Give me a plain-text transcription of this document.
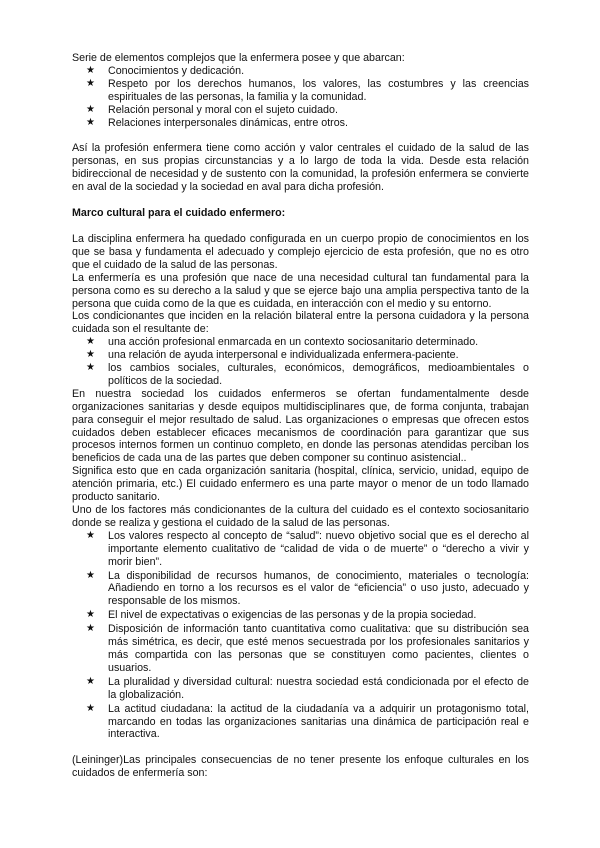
Serie de elementos complejos que la enfermera posee y que abarcan:

★ Conocimientos y dedicación.
★ Respeto por los derechos humanos, los valores, las costumbres y las creencias espirituales de las personas, la familia y la comunidad.
★ Relación personal y moral con el sujeto cuidado.
★ Relaciones interpersonales dinámicas, entre otros.

Así la profesión enfermera tiene como acción y valor centrales el cuidado de la salud de las personas, en sus propias circunstancias y a lo largo de toda la vida. Desde esta relación bidireccional de necesidad y de sustento con la comunidad, la profesión enfermera se convierte en aval de la sociedad y la sociedad en aval para dicha profesión.

Marco cultural para el cuidado enfermero:

La disciplina enfermera ha quedado configurada en un cuerpo propio de conocimientos en los que se basa y fundamenta el adecuado y complejo ejercicio de esta profesión, que no es otro que el cuidado de la salud de las personas.

La enfermería es una profesión que nace de una necesidad cultural tan fundamental para la persona como es su derecho a la salud y que se ejerce bajo una amplia perspectiva tanto de la persona que cuida como de la que es cuidada, en interacción con el medio y su entorno.

Los condicionantes que inciden en la relación bilateral entre la persona cuidadora y la persona cuidada son el resultante de:

★ una acción profesional enmarcada en un contexto sociosanitario determinado.
★ una relación de ayuda interpersonal e individualizada enfermera-paciente.
★ los cambios sociales, culturales, económicos, demográficos, medioambientales o políticos de la sociedad.

En nuestra sociedad los cuidados enfermeros se ofertan fundamentalmente desde organizaciones sanitarias y desde equipos multidisciplinares que, de forma conjunta, trabajan para conseguir el mejor resultado de salud. Las organizaciones o empresas que ofrecen estos cuidados deben establecer eficaces mecanismos de coordinación para garantizar que sus procesos internos formen un continuo completo, en donde las personas atendidas perciban los beneficios de cada una de las partes que deben componer su continuo asistencial..

Significa esto que en cada organización sanitaria (hospital, clínica, servicio, unidad, equipo de atención primaria, etc.) El cuidado enfermero es una parte mayor o menor de un todo llamado producto sanitario.

Uno de los factores más condicionantes de la cultura del cuidado es el contexto sociosanitario donde se realiza y gestiona el cuidado de la salud de las personas.

★ Los valores respecto al concepto de “salud”: nuevo objetivo social que es el derecho al importante elemento cualitativo de “calidad de vida o de muerte” o “derecho a vivir y morir bien”.
★ La disponibilidad de recursos humanos, de conocimiento, materiales o tecnología: Añadiendo en torno a los recursos es el valor de “eficiencia” o uso justo, adecuado y responsable de los mismos.
★ El nivel de expectativas o exigencias de las personas y de la propia sociedad.
★ Disposición de información tanto cuantitativa como cualitativa: que su distribución sea más simétrica, es decir, que esté menos secuestrada por los profesionales sanitarios y más compartida con las personas que se constituyen como pacientes, clientes o usuarios.
★ La pluralidad y diversidad cultural: nuestra sociedad está condicionada por el efecto de la globalización.
★ La actitud ciudadana: la actitud de la ciudadanía va a adquirir un protagonismo total, marcando en todas las organizaciones sanitarias una dinámica de participación real e interactiva.

(Leininger)Las principales consecuencias de no tener presente los enfoque culturales en los cuidados de enfermería son:
